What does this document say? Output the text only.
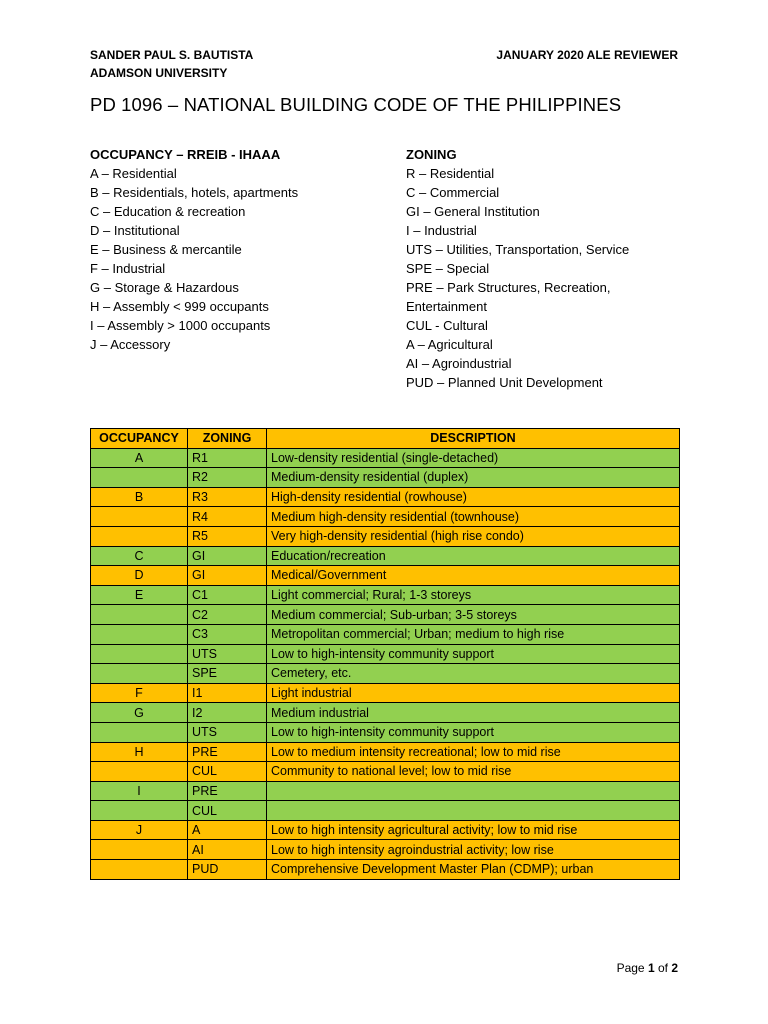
SANDER PAUL S. BAUTISTA
ADAMSON UNIVERSITY
JANUARY 2020 ALE REVIEWER
PD 1096 – NATIONAL BUILDING CODE OF THE PHILIPPINES
OCCUPANCY – RREIB - IHAAA
A – Residential
B – Residentials, hotels, apartments
C – Education & recreation
D – Institutional
E – Business & mercantile
F – Industrial
G – Storage & Hazardous
H – Assembly < 999 occupants
I – Assembly > 1000 occupants
J – Accessory
ZONING
R – Residential
C – Commercial
GI – General Institution
I – Industrial
UTS – Utilities, Transportation, Service
SPE – Special
PRE – Park Structures, Recreation, Entertainment
CUL - Cultural
A – Agricultural
AI – Agroindustrial
PUD – Planned Unit Development
OCCUPANCY	ZONING	DESCRIPTION
A	R1	Low-density residential (single-detached)
	R2	Medium-density residential (duplex)
B	R3	High-density residential (rowhouse)
	R4	Medium high-density residential (townhouse)
	R5	Very high-density residential (high rise condo)
C	GI	Education/recreation
D	GI	Medical/Government
E	C1	Light commercial; Rural; 1-3 storeys
	C2	Medium commercial; Sub-urban; 3-5 storeys
	C3	Metropolitan commercial; Urban; medium to high rise
	UTS	Low to high-intensity community support
	SPE	Cemetery, etc.
F	I1	Light industrial
G	I2	Medium industrial
	UTS	Low to high-intensity community support
H	PRE	Low to medium intensity recreational; low to mid rise
	CUL	Community to national level; low to mid rise
I	PRE	
	CUL	
J	A	Low to high intensity agricultural activity; low to mid rise
	AI	Low to high intensity agroindustrial activity; low rise
	PUD	Comprehensive Development Master Plan (CDMP); urban
Page 1 of 2
